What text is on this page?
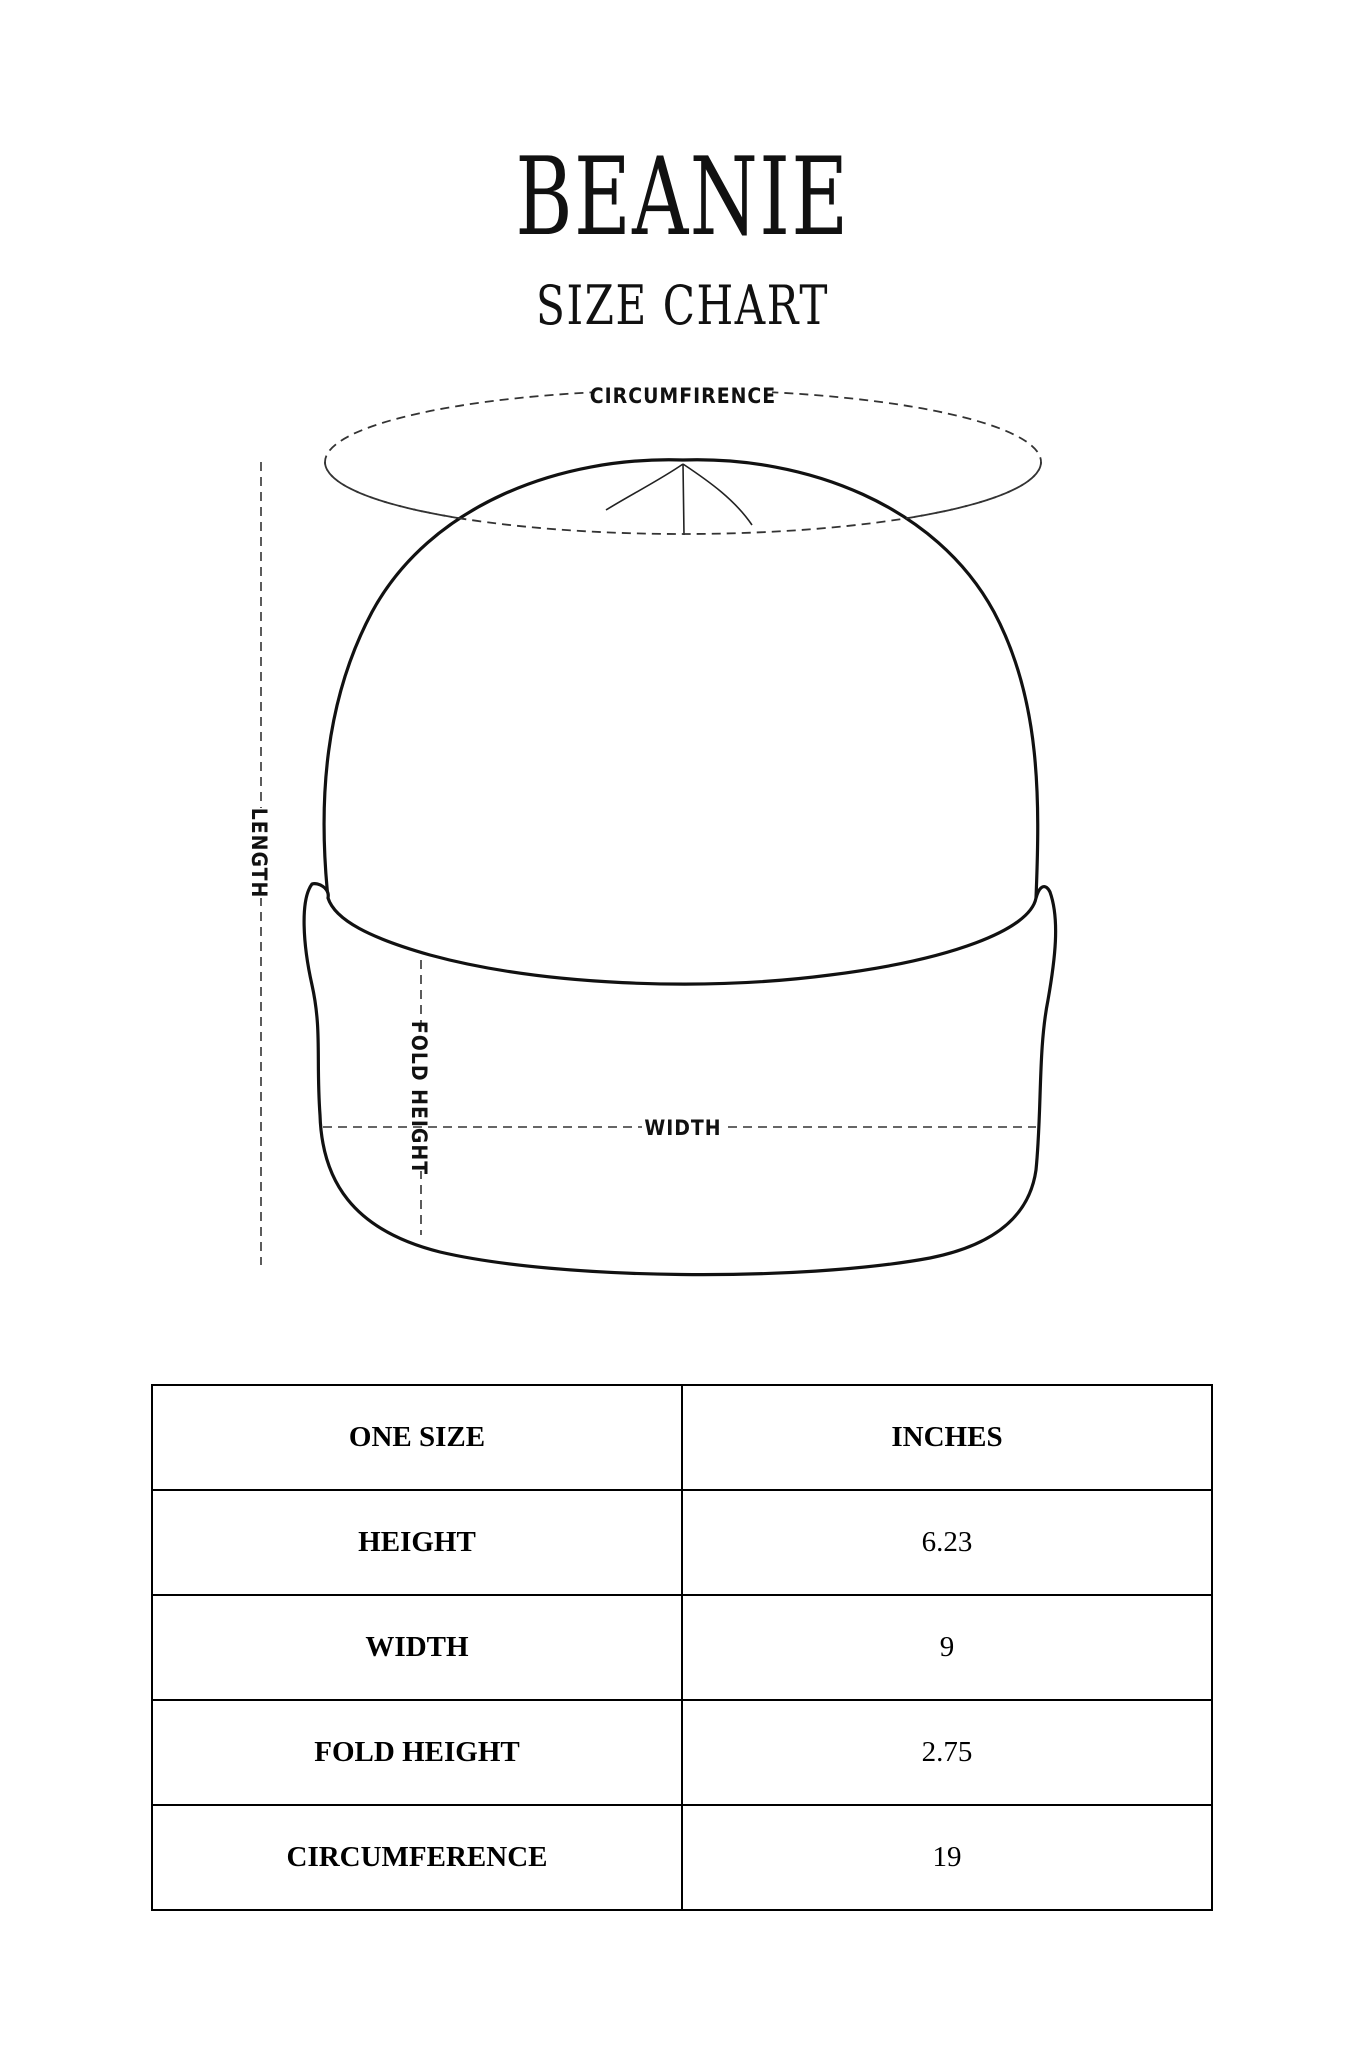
BEANIE
SIZE CHART
CIRCUMFIRENCE
LENGTH
FOLD HEIGHT	WIDTH
ONE SIZE	INCHES
HEIGHT	6.23
WIDTH	9
FOLD HEIGHT	2.75
CIRCUMFERENCE	19
